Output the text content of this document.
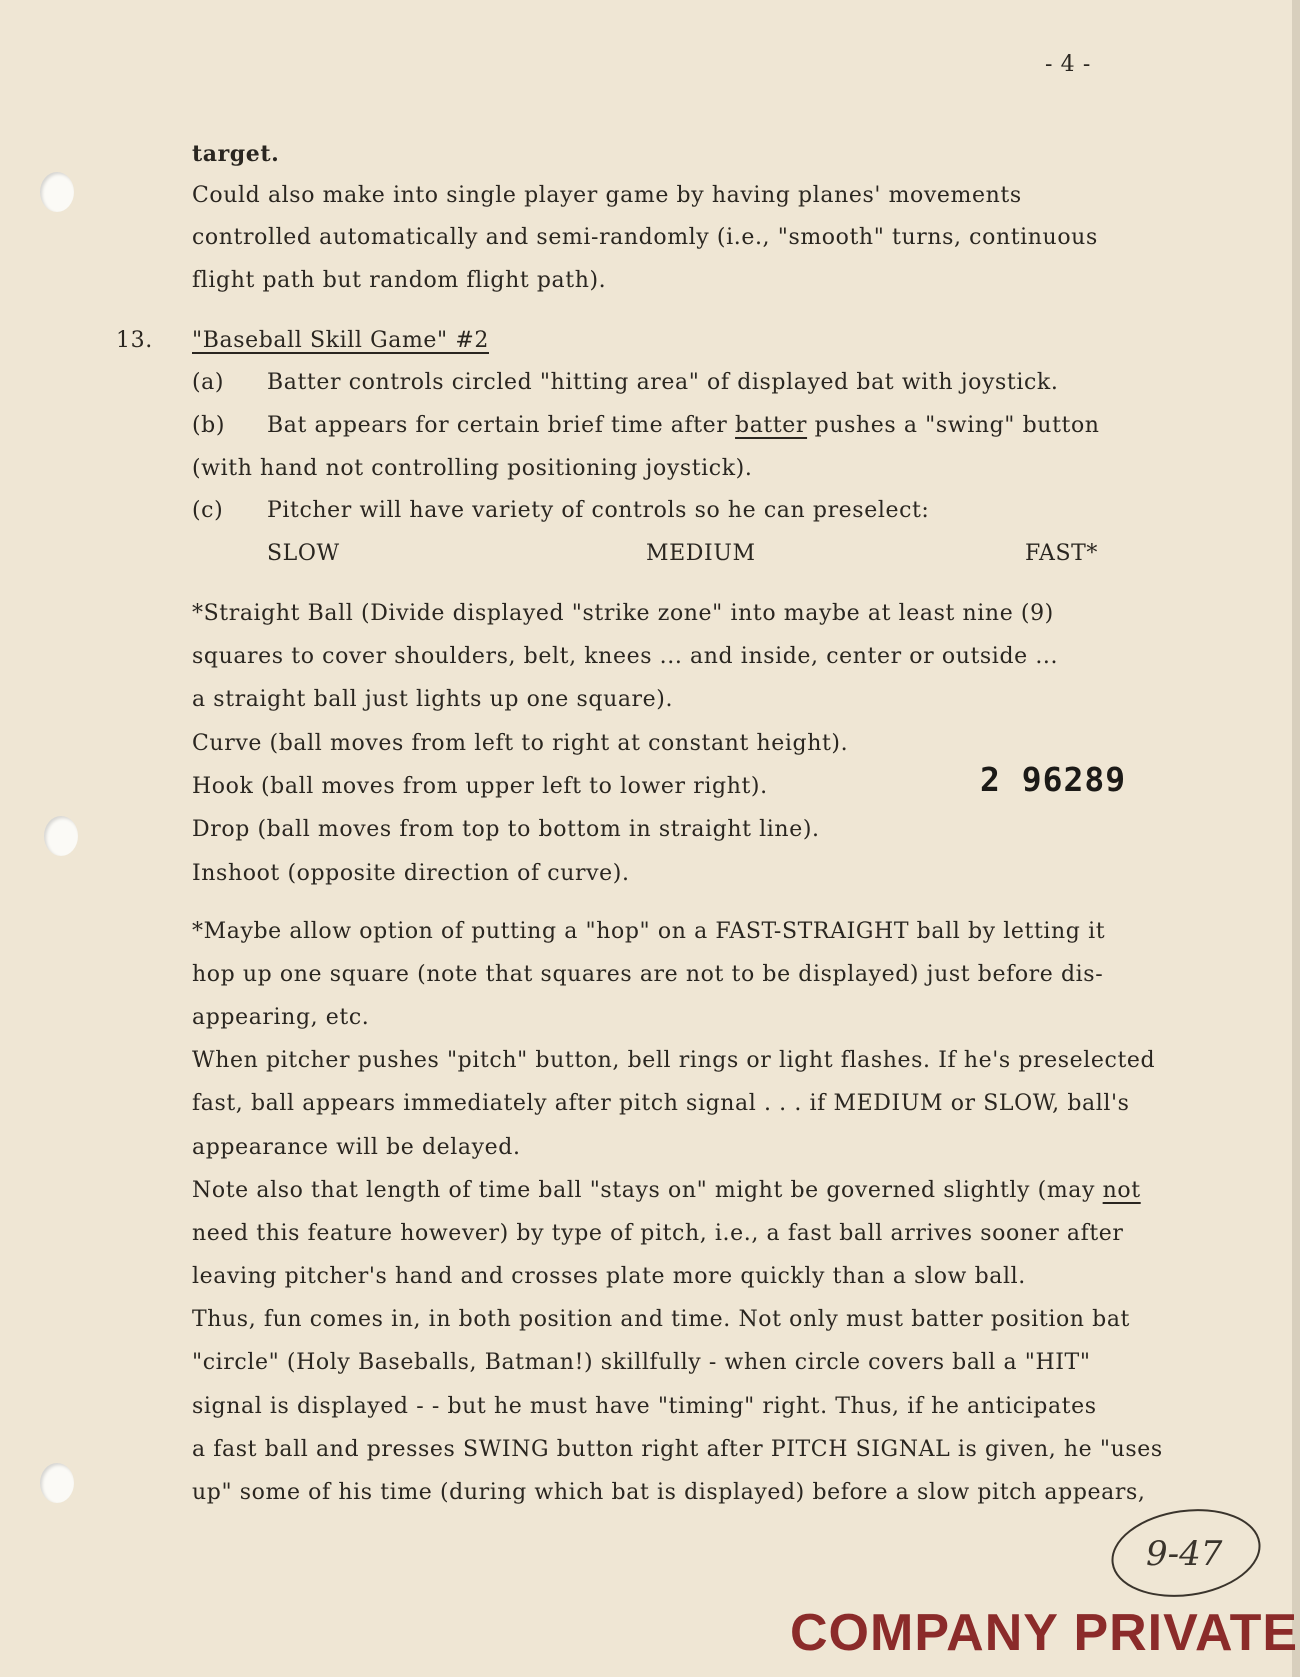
- 4 -
target.
Could also make into single player game by having planes' movements
controlled automatically and semi-randomly (i.e., "smooth" turns, continuous
flight path but random flight path).
13. "Baseball Skill Game" #2
(a) Batter controls circled "hitting area" of displayed bat with joystick.
(b) Bat appears for certain brief time after batter pushes a "swing" button
(with hand not controlling positioning joystick).
(c) Pitcher will have variety of controls so he can preselect:
SLOW	MEDIUM	FAST*
*Straight Ball (Divide displayed "strike zone" into maybe at least nine (9)
squares to cover shoulders, belt, knees ... and inside, center or outside ...
a straight ball just lights up one square).
Curve (ball moves from left to right at constant height).
Hook (ball moves from upper left to lower right).
Drop (ball moves from top to bottom in straight line).
Inshoot (opposite direction of curve).
2 96289
*Maybe allow option of putting a "hop" on a FAST-STRAIGHT ball by letting it
hop up one square (note that squares are not to be displayed) just before dis-
appearing, etc.
When pitcher pushes "pitch" button, bell rings or light flashes. If he's preselected
fast, ball appears immediately after pitch signal . . . if MEDIUM or SLOW, ball's
appearance will be delayed.
Note also that length of time ball "stays on" might be governed slightly (may not
need this feature however) by type of pitch, i.e., a fast ball arrives sooner after
leaving pitcher's hand and crosses plate more quickly than a slow ball.
Thus, fun comes in, in both position and time. Not only must batter position bat
"circle" (Holy Baseballs, Batman!) skillfully - when circle covers ball a "HIT"
signal is displayed - - but he must have "timing" right. Thus, if he anticipates
a fast ball and presses SWING button right after PITCH SIGNAL is given, he "uses
up" some of his time (during which bat is displayed) before a slow pitch appears,
9-47
COMPANY PRIVATE
